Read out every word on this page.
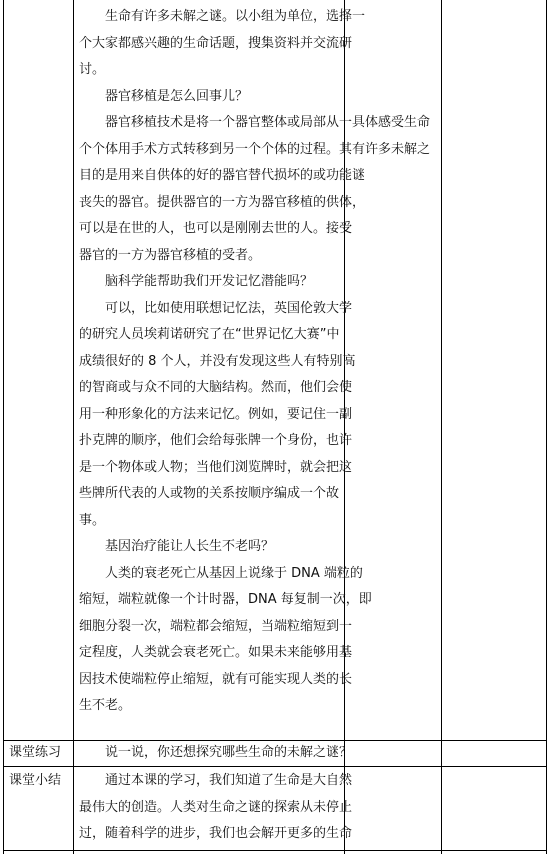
　　生命有许多未解之谜。以小组为单位，选择一
个大家都感兴趣的生命话题，搜集资料并交流研
讨。
　　器官移植是怎么回事儿？
　　器官移植技术是将一个器官整体或局部从一
个个体用手术方式转移到另一个个体的过程。其
目的是用来自供体的好的器官替代损坏的或功能
丧失的器官。提供器官的一方为器官移植的供体，
可以是在世的人，也可以是刚刚去世的人。接受
器官的一方为器官移植的受者。
　　脑科学能帮助我们开发记忆潜能吗？
　　可以，比如使用联想记忆法，英国伦敦大学
的研究人员埃莉诺研究了在“世界记忆大赛”中
成绩很好的 8 个人，并没有发现这些人有特别高
的智商或与众不同的大脑结构。然而，他们会使
用一种形象化的方法来记忆。例如，要记住一副
扑克牌的顺序，他们会给每张牌一个身份，也许
是一个物体或人物；当他们浏览牌时，就会把这
些牌所代表的人或物的关系按顺序编成一个故
事。
　　基因治疗能让人长生不老吗？
　　人类的衰老死亡从基因上说缘于 DNA 端粒的
缩短，端粒就像一个计时器，DNA 每复制一次，即
细胞分裂一次，端粒都会缩短，当端粒缩短到一
定程度，人类就会衰老死亡。如果未来能够用基
因技术使端粒停止缩短，就有可能实现人类的长
生不老。
具体感受生命
有许多未解之
谜
课堂练习 　　说一说，你还想探究哪些生命的未解之谜？
课堂小结 　　通过本课的学习，我们知道了生命是大自然
最伟大的创造。人类对生命之谜的探索从未停止
过，随着科学的进步，我们也会解开更多的生命
